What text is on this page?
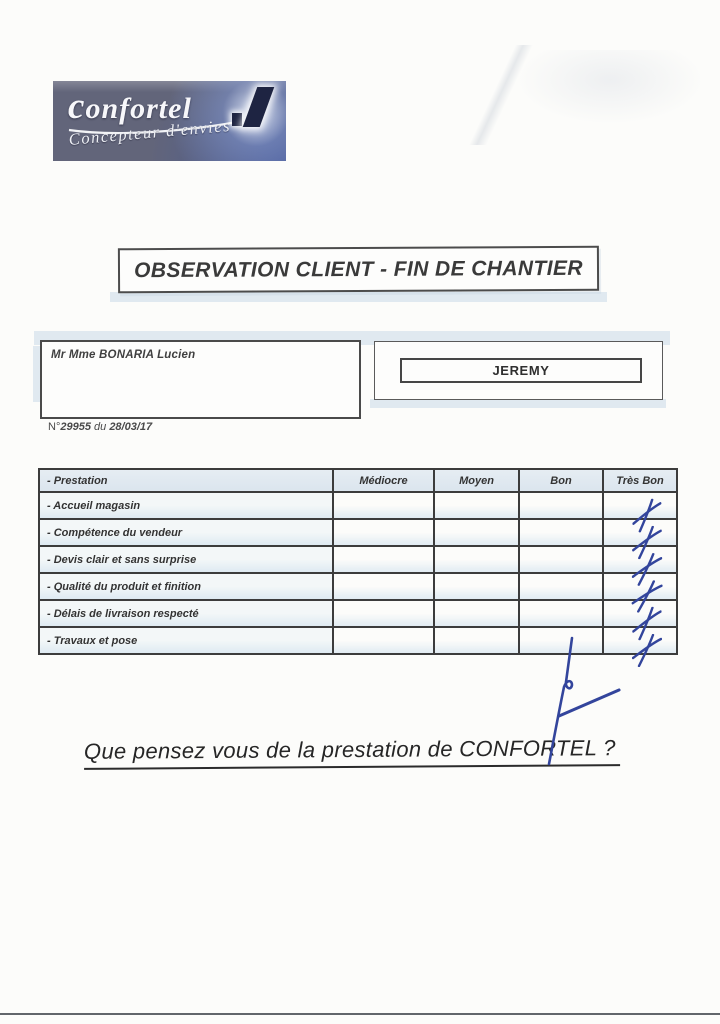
confortel
Concepteur d'envies
OBSERVATION CLIENT - FIN DE CHANTIER
Mr Mme BONARIA Lucien
JEREMY
N°29955 du 28/03/17
- Prestation	Médiocre	Moyen	Bon	Très Bon
- Accueil magasin				

- Compétence du vendeur				

- Devis clair et sans surprise				

- Qualité du produit et finition				

- Délais de livraison respecté				

- Travaux et pose				
Que pensez vous de la prestation de CONFORTEL ?
